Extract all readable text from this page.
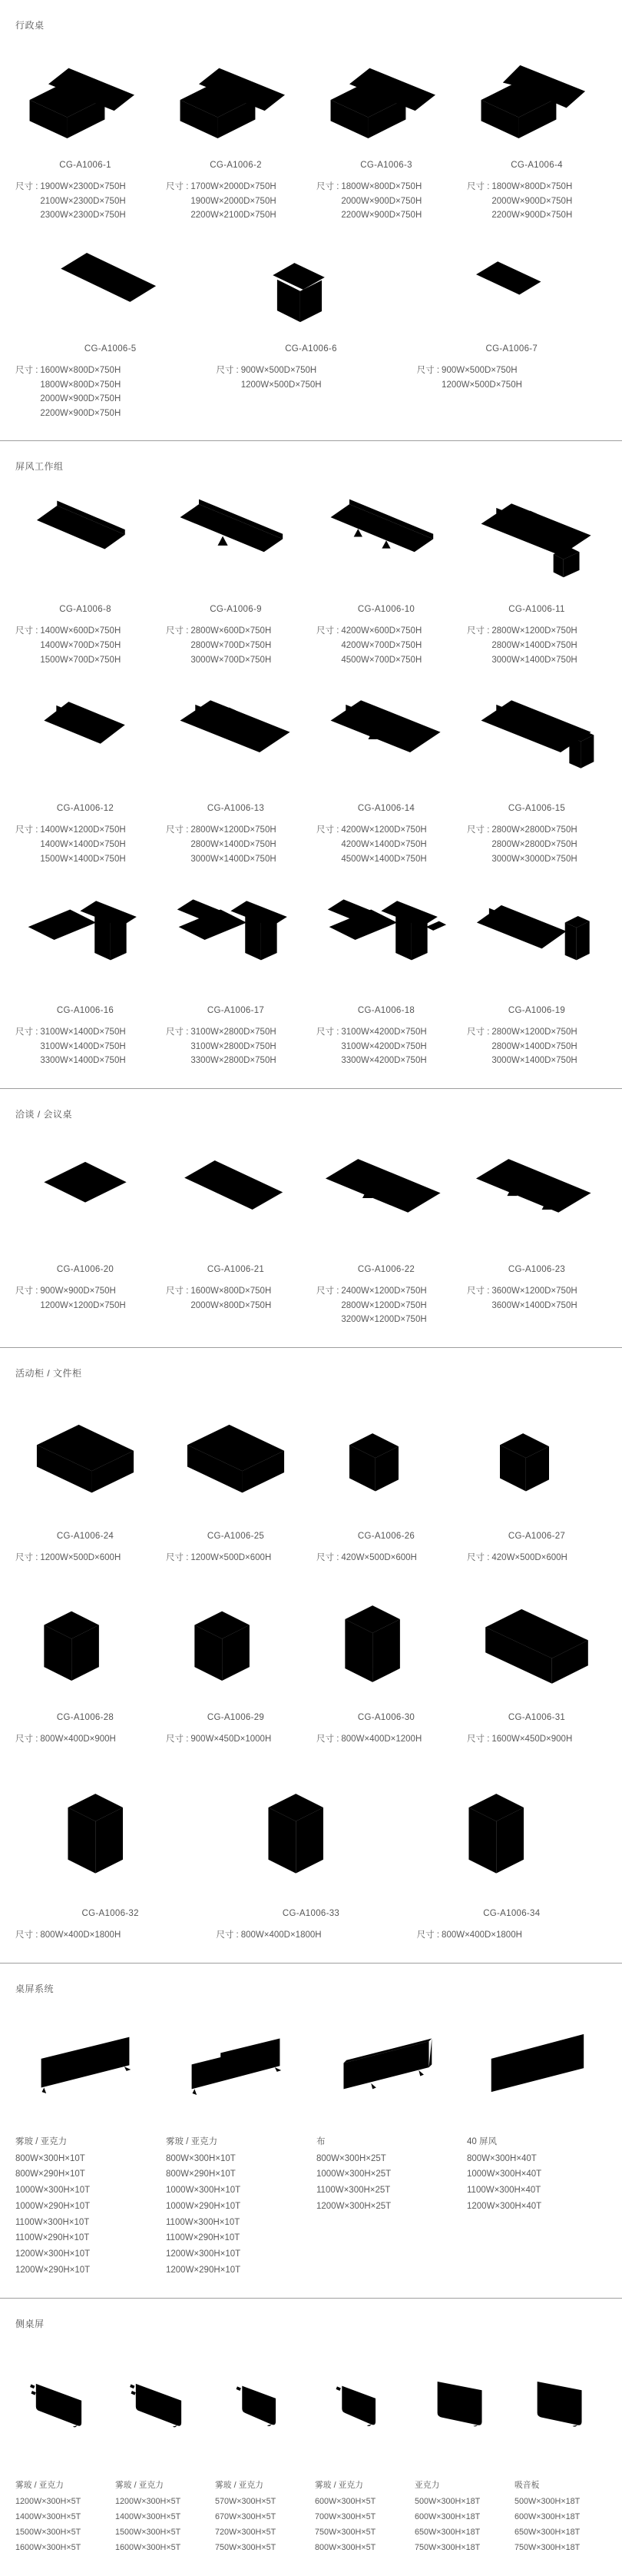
行政桌
CG-A1006-1
尺寸 : 1900W×2300D×750H
2100W×2300D×750H
2300W×2300D×750H
CG-A1006-2
尺寸 : 1700W×2000D×750H
1900W×2000D×750H
2200W×2100D×750H
CG-A1006-3
尺寸 : 1800W×800D×750H
2000W×900D×750H
2200W×900D×750H
CG-A1006-4
尺寸 : 1800W×800D×750H
2000W×900D×750H
2200W×900D×750H
CG-A1006-5
尺寸 : 1600W×800D×750H
1800W×800D×750H
2000W×900D×750H
2200W×900D×750H
CG-A1006-6
尺寸 : 900W×500D×750H
1200W×500D×750H
CG-A1006-7
尺寸 : 900W×500D×750H
1200W×500D×750H
屏风工作组
CG-A1006-8
尺寸 : 1400W×600D×750H
1400W×700D×750H
1500W×700D×750H
CG-A1006-9
尺寸 : 2800W×600D×750H
2800W×700D×750H
3000W×700D×750H
CG-A1006-10
尺寸 : 4200W×600D×750H
4200W×700D×750H
4500W×700D×750H
CG-A1006-11
尺寸 : 2800W×1200D×750H
2800W×1400D×750H
3000W×1400D×750H
CG-A1006-12
尺寸 : 1400W×1200D×750H
1400W×1400D×750H
1500W×1400D×750H
CG-A1006-13
尺寸 : 2800W×1200D×750H
2800W×1400D×750H
3000W×1400D×750H
CG-A1006-14
尺寸 : 4200W×1200D×750H
4200W×1400D×750H
4500W×1400D×750H
CG-A1006-15
尺寸 : 2800W×2800D×750H
2800W×2800D×750H
3000W×3000D×750H
CG-A1006-16
尺寸 : 3100W×1400D×750H
3100W×1400D×750H
3300W×1400D×750H
CG-A1006-17
尺寸 : 3100W×2800D×750H
3100W×2800D×750H
3300W×2800D×750H
CG-A1006-18
尺寸 : 3100W×4200D×750H
3100W×4200D×750H
3300W×4200D×750H
CG-A1006-19
尺寸 : 2800W×1200D×750H
2800W×1400D×750H
3000W×1400D×750H
洽谈 / 会议桌
CG-A1006-20
尺寸 : 900W×900D×750H
1200W×1200D×750H
CG-A1006-21
尺寸 : 1600W×800D×750H
2000W×800D×750H
CG-A1006-22
尺寸 : 2400W×1200D×750H
2800W×1200D×750H
3200W×1200D×750H
CG-A1006-23
尺寸 : 3600W×1200D×750H
3600W×1400D×750H
活动柜 / 文件柜
CG-A1006-24
尺寸 : 1200W×500D×600H
CG-A1006-25
尺寸 : 1200W×500D×600H
CG-A1006-26
尺寸 : 420W×500D×600H
CG-A1006-27
尺寸 : 420W×500D×600H
CG-A1006-28
尺寸 : 800W×400D×900H
CG-A1006-29
尺寸 : 900W×450D×1000H
CG-A1006-30
尺寸 : 800W×400D×1200H
CG-A1006-31
尺寸 : 1600W×450D×900H
CG-A1006-32
尺寸 : 800W×400D×1800H
CG-A1006-33
尺寸 : 800W×400D×1800H
CG-A1006-34
尺寸 : 800W×400D×1800H
桌屏系统
雾玻 / 亚克力
800W×300H×10T
800W×290H×10T
1000W×300H×10T
1000W×290H×10T
1100W×300H×10T
1100W×290H×10T
1200W×300H×10T
1200W×290H×10T
雾玻 / 亚克力
800W×300H×10T
800W×290H×10T
1000W×300H×10T
1000W×290H×10T
1100W×300H×10T
1100W×290H×10T
1200W×300H×10T
1200W×290H×10T
布
800W×300H×25T
1000W×300H×25T
1100W×300H×25T
1200W×300H×25T
40 屏风
800W×300H×40T
1000W×300H×40T
1100W×300H×40T
1200W×300H×40T
侧桌屏
雾玻 / 亚克力
1200W×300H×5T
1400W×300H×5T
1500W×300H×5T
1600W×300H×5T
雾玻 / 亚克力
1200W×300H×5T
1400W×300H×5T
1500W×300H×5T
1600W×300H×5T
雾玻 / 亚克力
570W×300H×5T
670W×300H×5T
720W×300H×5T
750W×300H×5T
雾玻 / 亚克力
600W×300H×5T
700W×300H×5T
750W×300H×5T
800W×300H×5T
亚克力
500W×300H×18T
600W×300H×18T
650W×300H×18T
750W×300H×18T
吸音板
500W×300H×18T
600W×300H×18T
650W×300H×18T
750W×300H×18T
